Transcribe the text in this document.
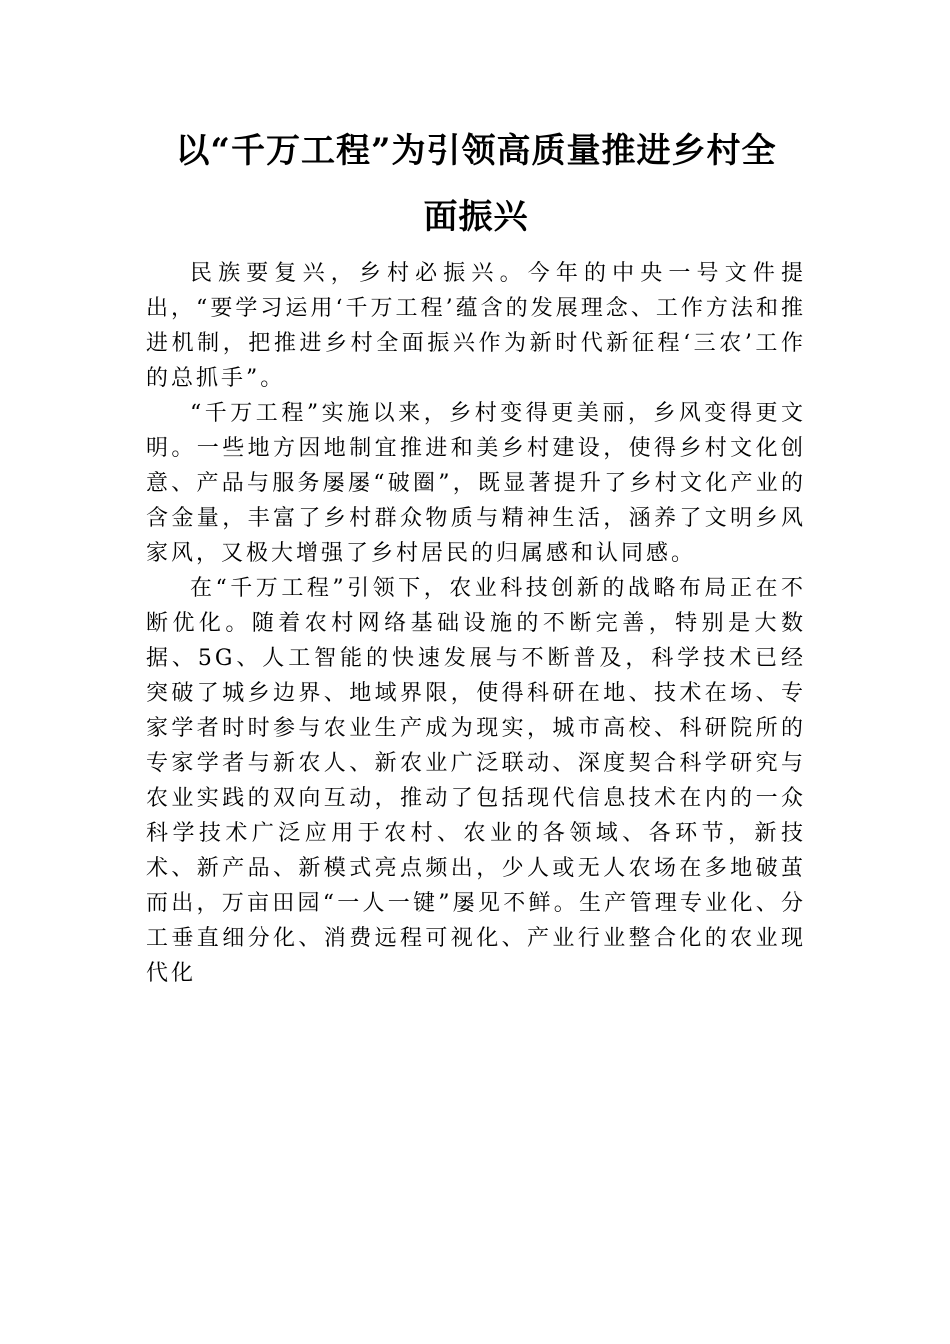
以“千万工程”为引领高质量推进乡村全
面振兴

民族要复兴，乡村必振兴。今年的中央一号文件提出，“要学习运用‘千万工程’蕴含的发展理念、工作方法和推进机制，把推进乡村全面振兴作为新时代新征程‘三农’工作的总抓手”。

“千万工程”实施以来，乡村变得更美丽，乡风变得更文明。一些地方因地制宜推进和美乡村建设，使得乡村文化创意、产品与服务屡屡“破圈”，既显著提升了乡村文化产业的含金量，丰富了乡村群众物质与精神生活，涵养了文明乡风家风，又极大增强了乡村居民的归属感和认同感。

在“千万工程”引领下，农业科技创新的战略布局正在不断优化。随着农村网络基础设施的不断完善，特别是大数据、5G、人工智能的快速发展与不断普及，科学技术已经突破了城乡边界、地域界限，使得科研在地、技术在场、专家学者时时参与农业生产成为现实，城市高校、科研院所的专家学者与新农人、新农业广泛联动、深度契合科学研究与农业实践的双向互动，推动了包括现代信息技术在内的一众科学技术广泛应用于农村、农业的各领域、各环节，新技术、新产品、新模式亮点频出，少人或无人农场在多地破茧而出，万亩田园“一人一键”屡见不鲜。生产管理专业化、分工垂直细分化、消费远程可视化、产业行业整合化的农业现代化
